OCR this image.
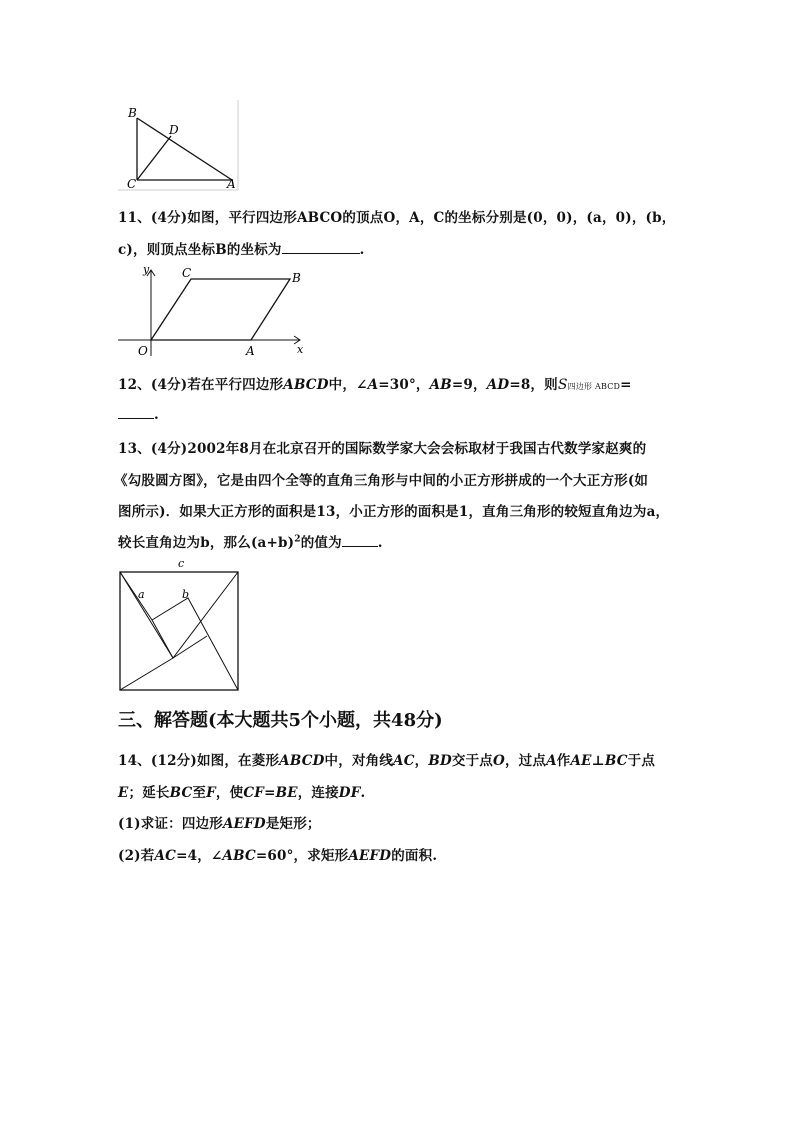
B
D
C	A
11、(4分)如图，平行四边形ABCO的顶点O，A，C的坐标分别是(0，0)，(a，0)，(b，
c)，则顶点坐标B的坐标为	.
y
x
O	A
C	B
12、(4分)若在平行四边形ABCD中，∠A=30°，AB=9，AD=8，则S四边形 ABCD=
.
13、(4分)2002年8月在北京召开的国际数学家大会会标取材于我国古代数学家赵爽的
《勾股圆方图》，它是由四个全等的直角三角形与中间的小正方形拼成的一个大正方形(如
图所示)．如果大正方形的面积是13，小正方形的面积是1，直角三角形的较短直角边为a，
较长直角边为b，那么$(a+b)^2$的值为	.
c
a	b
三、解答题(本大题共5个小题，共48分)
14、(12分)如图，在菱形ABCD中，对角线AC，BD交于点O，过点A作AE⊥BC于点
E；延长BC至F，使CF=BE，连接DF.
(1)求证：四边形AEFD是矩形；
(2)若AC=4，∠ABC=60°，求矩形AEFD的面积.
